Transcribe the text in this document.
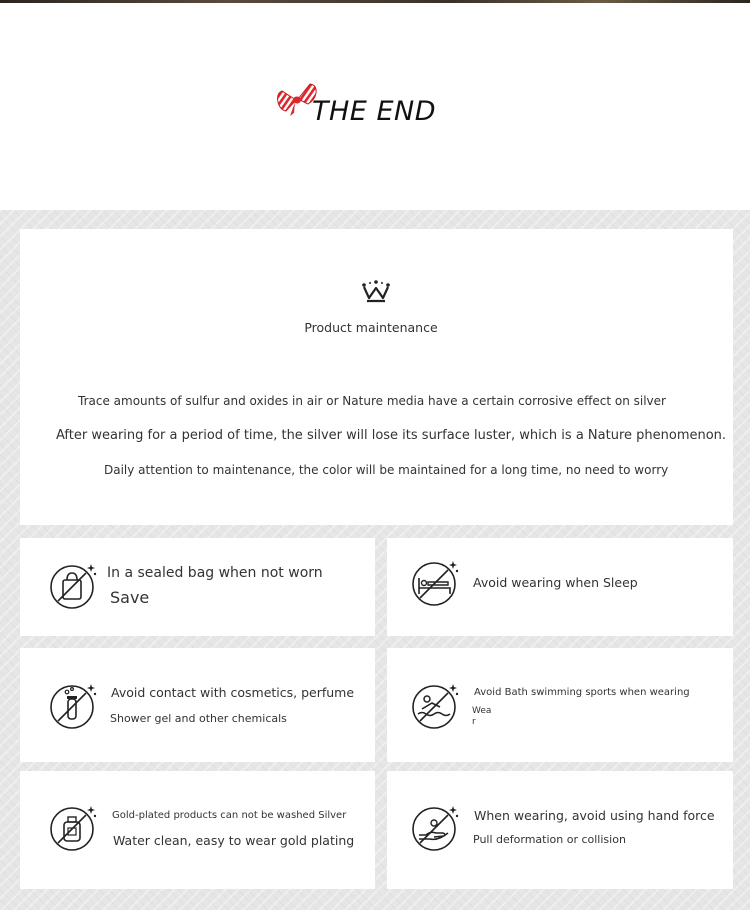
THE END
Product maintenance
Trace amounts of sulfur and oxides in air or Nature media have a certain corrosive effect on silver
After wearing for a period of time, the silver will lose its surface luster, which is a Nature phenomenon.
Daily attention to maintenance, the color will be maintained for a long time, no need to worry
In a sealed bag when not worn
Save
Avoid wearing when Sleep
Avoid contact with cosmetics, perfume
Shower gel and other chemicals
Avoid Bath swimming sports when wearing
Wea
r
Gold-plated products can not be washed Silver
Water clean, easy to wear gold plating
When wearing, avoid using hand force
Pull deformation or collision
